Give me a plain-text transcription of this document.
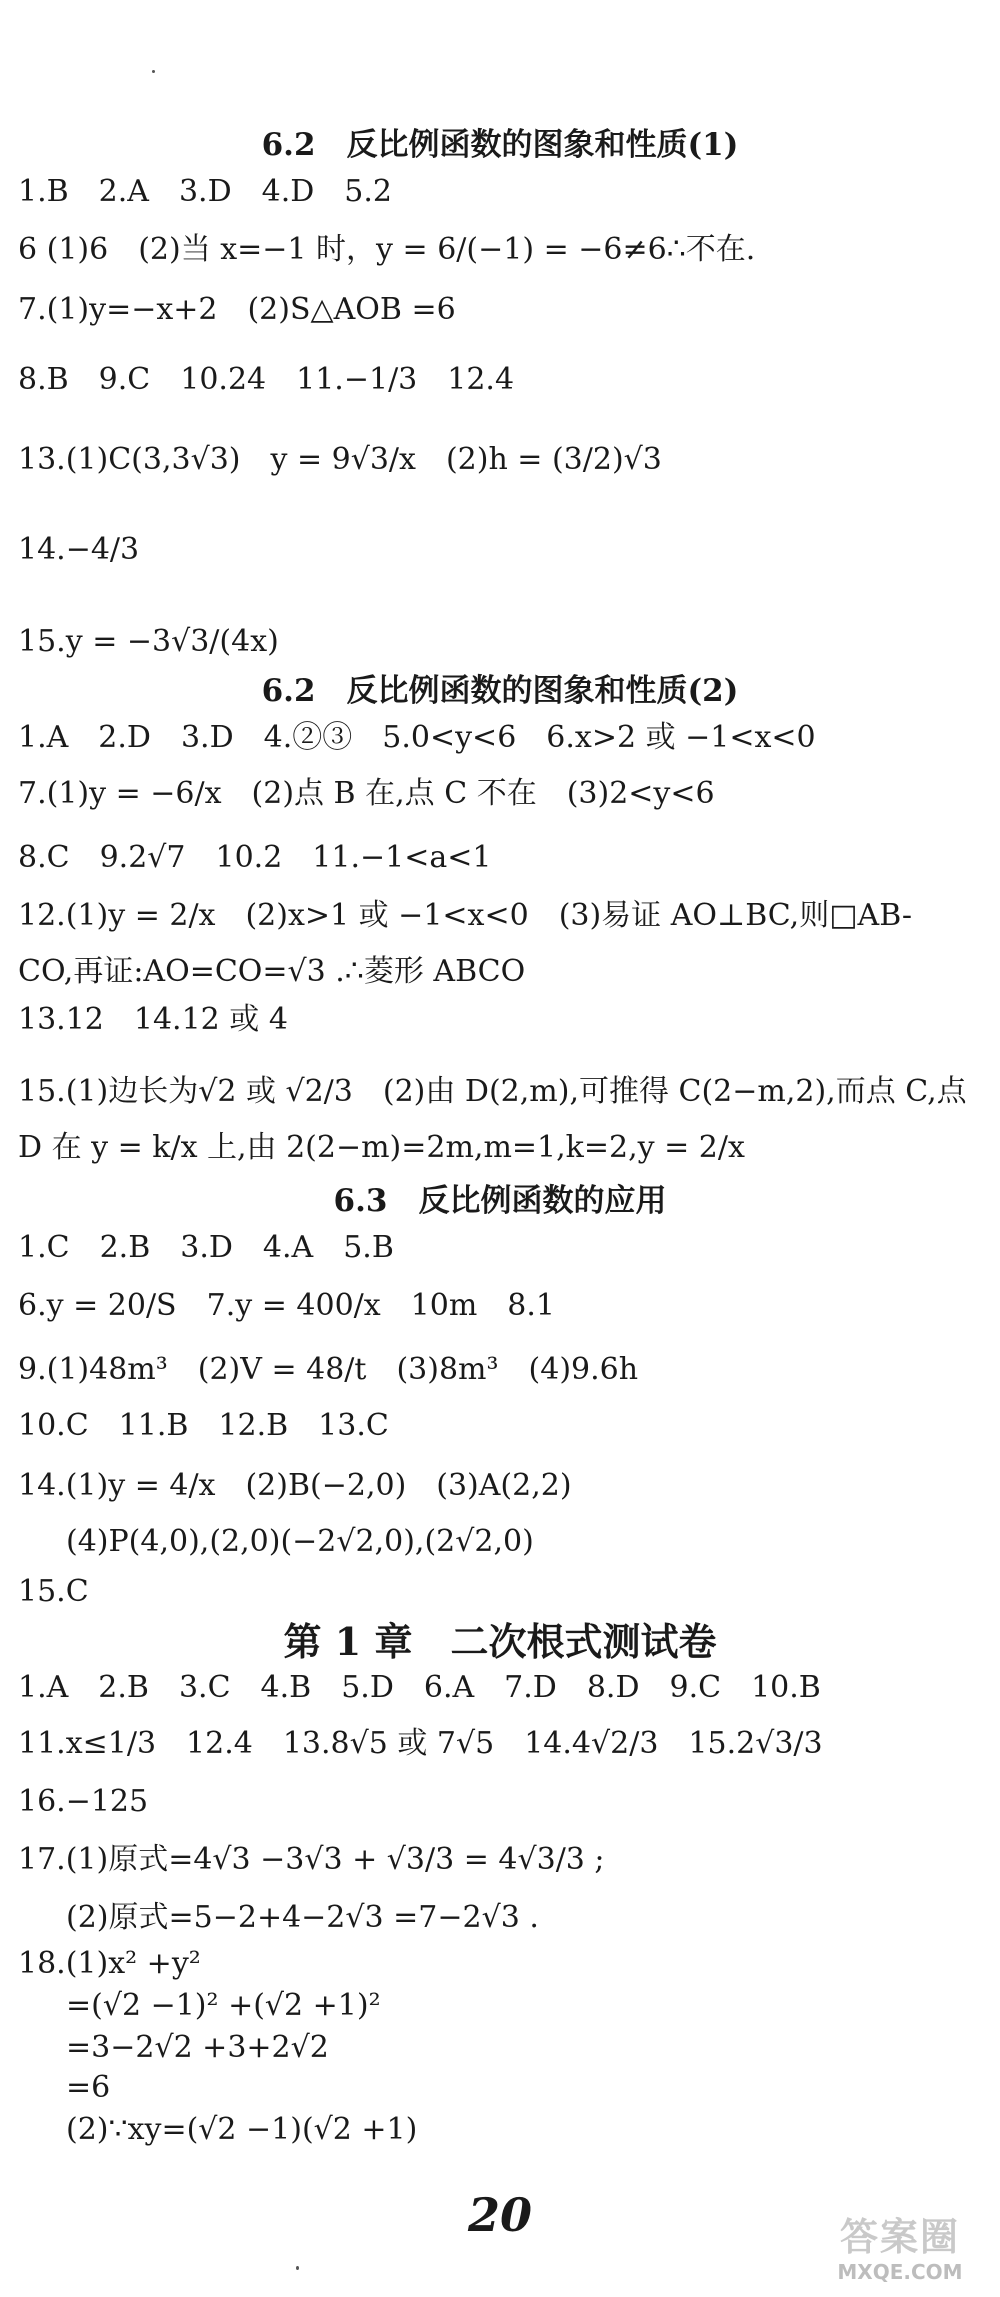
6.2　反比例函数的图象和性质(1)
1.B　2.A　3.D　4.D　5.2
6 (1)6　(2)当 x=−1 时，y = 6/(−1) = −6≠6∴不在.
7.(1)y=−x+2　(2)S△AOB =6
8.B　9.C　10.24　11.−1/3　12.4
13.(1)C(3,3√3)　y = 9√3/x　(2)h = (3/2)√3
14.−4/3
15.y = −3√3/(4x)
6.2　反比例函数的图象和性质(2)
1.A　2.D　3.D　4.②③　5.0<y<6　6.x>2 或 −1<x<0
7.(1)y = −6/x　(2)点 B 在,点 C 不在　(3)2<y<6
8.C　9.2√7　10.2　11.−1<a<1
12.(1)y = 2/x　(2)x>1 或 −1<x<0　(3)易证 AO⊥BC,则□AB-
CO,再证:AO=CO=√3 .∴菱形 ABCO
13.12　14.12 或 4
15.(1)边长为√2 或 √2/3　(2)由 D(2,m),可推得 C(2−m,2),而点 C,点
D 在 y = k/x 上,由 2(2−m)=2m,m=1,k=2,y = 2/x
6.3　反比例函数的应用
1.C　2.B　3.D　4.A　5.B
6.y = 20/S　7.y = 400/x　10m　8.1
9.(1)48m³　(2)V = 48/t　(3)8m³　(4)9.6h
10.C　11.B　12.B　13.C
14.(1)y = 4/x　(2)B(−2,0)　(3)A(2,2)
(4)P(4,0),(2,0)(−2√2,0),(2√2,0)
15.C
第 1 章　二次根式测试卷
1.A　2.B　3.C　4.B　5.D　6.A　7.D　8.D　9.C　10.B
11.x≤1/3　12.4　13.8√5 或 7√5　14.4√2/3　15.2√3/3
16.−125
17.(1)原式=4√3 −3√3 + √3/3 = 4√3/3 ;
(2)原式=5−2+4−2√3 =7−2√3 .
18.(1)x² +y²
=(√2 −1)² +(√2 +1)²
=3−2√2 +3+2√2
=6
(2)∵xy=(√2 −1)(√2 +1)
20	答案圈
MXQE.COM
